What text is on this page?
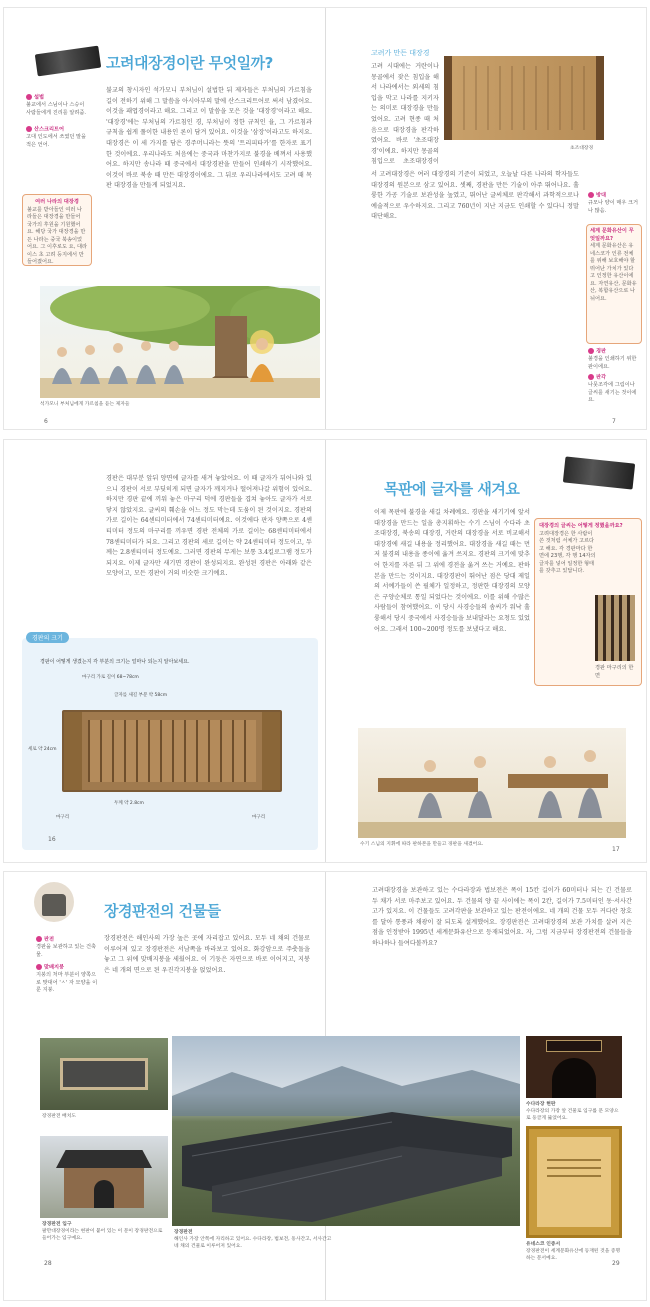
고려대장경이란 무엇일까?
설법
불교에서 스님이나 스승이 사람들에게 진리를 알려줌.
산스크리트어
고대 인도에서 쓰였던 말을 적은 언어.
여러 나라의 대장경
불교를 받아들인 여러 나라들은 대장경을 만들어 국가의 후원을 기원했어요. 해당 국가 대장경을 만든 나라는 중국 북송이었어요. 그 이후로도 요, 대라이스 초 고려 등지에서 만들어졌어요.
불교의 창시자인 석가모니 부처님이 설법한 뒤 제자들은 부처님의 가르침을 길이 전하기 위해 그 말씀을 아시아부의 말에 산스크리트어로 써서 남겼어요. 이것을 패엽경이라고 해요. 그리고 이 말씀을 모은 것을 '대장경'이라고 해요. '대장경'에는 부처님의 가르침인 경, 부처님이 정한 규칙인 율, 그 가르침과 규칙을 쉽게 풀이한 내용인 론이 담겨 있어요. 이것을 '삼장'이라고도 하지요. 대장경은 이 세 가지를 담은 경주머니라는 뜻의 '트리피타카'를 한자로 표기한 것이에요. 우리나라도 처음에는 중국과 마찬가지로 불경을 베껴서 사용했어요. 하지만 송나라 때 중국에서 대장경판을 만들어 인쇄하기 시작했어요. 이것이 바로 북송 때 만든 대장경이에요. 그 뒤로 우리나라에서도 고려 때 목판 대장경을 만들게 되었지요.
석가모니 부처님에게 가르침을 듣는 제자들
6
고려가 만든 대장경
초조대장경
고려 시대에는 거란이나 몽골에서 잦은 침입을 해서 나라에서는 외세의 침입을 막고 나라를 지키자는 의미로 대장경을 만들었어요. 고려 현종 때 처음으로 대장경을 판각하였어요. 바로 '초조대장경'이에요. 하지만 몽골의 침입으로 초조대장경이
서 고려대장경은 여러 대장경의 기준이 되었고, 오늘날 다른 나라의 학자들도 대장경의 원본으로 삼고 있어요. 셋째, 경판을 만든 기술이 아주 뛰어나요. 훌륭한 가공 기술로 보관성을 높였고, 뛰어난 글씨체로 판각해서 과학적으로나 예술적으로 우수하지요. 그리고 760년이 지난 지금도 인쇄할 수 있다니 정말 대단해요.
방대
규모나 양이 매우 크거나 많음.
세계 문화유산이 무엇일까요?
세계 문화유산은 유네스코가 인류 전체를 위해 보호해야 할 뛰어난 가치가 있다고 인정한 유산이에요. 자연유산, 문화유산, 복합유산으로 나뉘어요.
경판
불경을 인쇄하기 위한 판이에요.
판각
나뭇조각에 그림이나 글씨를 새기는 것이에요.
7
경판은 대부분 앞뒤 양면에 글자를 새겨 놓았어요. 이 때 글자가 뒤어나와 있으니 경판이 서로 부딪히게 되면 글자가 깨지거나 떨어져나갈 위험이 있어요. 하지만 경판 끝에 끼워 놓은 마구리 덕에 경판들을 겹쳐 놓아도 글자가 서로 닿지 않았지요. 글씨의 훼손을 어느 정도 막는데 도움이 된 것이지요. 경판의 가로 길이는 64센티미터에서 74센티미터예요. 이것에다 판자 양쪽으로 4센티미터 정도의 마구리를 끼우면 경판 전체의 가로 길이는 68센티미터에서 78센티미터가 되요. 그리고 경판의 세로 길이는 약 24센티미터 정도이고, 두께는 2.8센티미터 정도예요. 그러면 경판의 무게는 보통 3.4킬로그램 정도가 되지요. 이제 글자만 새기면 경판이 완성되지요. 완성된 경판은 아래와 같은 모양이고, 모든 경판이 거의 비슷한 크기예요.
경판의 크기
경판이 어떻게 생겼는지 각 부분의 크기는 얼마나 되는지 알아보세요.
마구리 가로 길이 68~78cm
글자를 새길 부분 약 58cm
세로 약 24cm
두께 약 2.8cm
마구리	마구리
16
목판에 글자를 새겨요
이제 목판에 불경을 새길 차례예요. 경판을 새기기에 앞서 대장경을 만드는 일을 총지휘하는 수기 스님이 수다라 초조대장경, 북송의 대장경, 거란의 대장경을 서로 비교해서 대장경에 새길 내용을 정리했어요. 대장경을 새길 때는 먼저 불경의 내용을 종이에 옮겨 쓰지요. 경판의 크기에 맞추어 한지를 자른 뒤 그 위에 경전을 옮겨 쓰는 거예요. 판하본을 만드는 것이지요. 대장경판이 뛰어난 점은 당대 제일의 서예가들이 쓴 필체가 일정하고, 정판한 대장경의 모양은 구양순체로 통일 되었다는 것이에요. 이를 위해 수많은 사람들이 참여했어요. 이 당시 사경승들의 솜씨가 워낙 훌륭해서 당시 중국에서 사경승들을 보내달라는 요청도 있었어요. 그래서 100~200명 정도를 보냈다고 해요.
대장경의 글씨는 어떻게 정했을까요?
고려대장경은 한 사람이 쓴 것처럼 서체가 고르다고 해요. 각 경판마다 한 면에 23행, 각 행 14자의 글자를 넣어 일정한 형태를 갖추고 있답니다.
경판 마구리의 한 면
수기 스님의 지휘에 따라 판하본을 만들고 경판을 새겼어요.
17
장경판전의 건물들
판전
경판을 보관하고 있는 건축물.
맞배지붕
지붕의 처마 부분이 양쪽으로 맞대어 'ㅅ' 자 모양을 이룬 지붕.
장경판전은 해인사의 가장 높은 곳에 자리잡고 있어요. 모두 네 채의 건물로 이루어져 있고 장경판전은 서남쪽을 바라보고 있어요. 화강암으로 주춧돌을 놓고 그 위에 맞배지붕을 세웠어요. 이 기둥은 자연으로 바로 이어지고, 지붕은 네 개의 면으로 된 우진각지붕을 얹었어요.
고려대장경을 보관하고 있는 수다라장과 법보전은 폭이 15칸 길이가 60미터나 되는 긴 건물로 두 채가 서로 마주보고 있어요. 두 건물의 양 끝 사이에는 폭이 2칸, 길이가 7.5미터인 동·서사간고가 있지요. 이 건물들도 고려각판을 보관하고 있는 판전이에요. 네 개의 건물 모두 커다란 창호를 달아 통풍과 채광이 잘 되도록 설계했어요. 장경판전은 고려대장경의 보관 가치를 살려 지은 점을 인정받아 1995년 세계문화유산으로 등재되었어요. 자, 그럼 지금부터 장경판전의 건물들을 하나하나 들여다볼까요?
장경판전 배치도
장경판전 입구
팔만대장경이라는 현판이 붙어 있는 이 문이 장경판전으로 들어가는 입구예요.
장경판전
해인사 가장 안쪽에 자리하고 있어요. 수다라장, 법보전, 동사간고, 서사간고 네 채의 건물로 이루어져 있어요.
수다라장 현판
수다라장의 가장 앞 건물로 입구를 문 모양으로 둥글게 뚫었어요.
유네스코 인증서
장경판전이 세계문화유산에 등재된 것을 증명하는 문서예요.
28	29
